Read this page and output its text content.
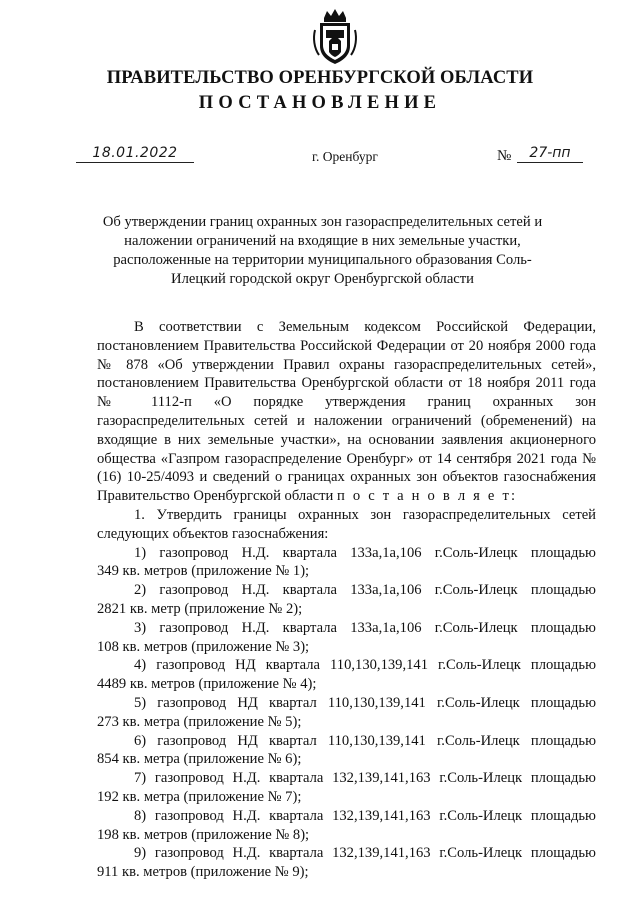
ПРАВИТЕЛЬСТВО ОРЕНБУРГСКОЙ ОБЛАСТИ
ПОСТАНОВЛЕНИЕ
18.01.2022	г. Оренбург	№	27-пп
Об утверждении границ охранных зон газораспределительных сетей и наложении ограничений на входящие в них земельные участки, расположенные на территории муниципального образования Соль-Илецкий городской округ Оренбургской области

В соответствии с Земельным кодексом Российской Федерации, постановлением Правительства Российской Федерации от 20 ноября 2000 года № 878 «Об утверждении Правил охраны газораспределительных сетей», постановлением Правительства Оренбургской области от 18 ноября 2011 года № 1112-п «О порядке утверждения границ охранных зон газораспределительных сетей и наложении ограничений (обременений) на входящие в них земельные участки», на основании заявления акционерного общества «Газпром газораспределение Оренбург» от 14 сентября 2021 года № (16) 10-25/4093 и сведений о границах охранных зон объектов газоснабжения Правительство Оренбургской области п о с т а н о в л я е т:

1. Утвердить границы охранных зон газораспределительных сетей следующих объектов газоснабжения:

1) газопровод Н.Д. квартала 133а,1а,106 г.Соль-Илецк площадью
349 кв. метров (приложение № 1);
2) газопровод Н.Д. квартала 133а,1а,106 г.Соль-Илецк площадью
2821 кв. метр (приложение № 2);
3) газопровод Н.Д. квартала 133а,1а,106 г.Соль-Илецк площадью
108 кв. метров (приложение № 3);
4) газопровод НД квартала 110,130,139,141 г.Соль-Илецк площадью
4489 кв. метров (приложение № 4);
5) газопровод НД квартал 110,130,139,141 г.Соль-Илецк площадью
273 кв. метра (приложение № 5);
6) газопровод НД квартал 110,130,139,141 г.Соль-Илецк площадью
854 кв. метра (приложение № 6);
7) газопровод Н.Д. квартала 132,139,141,163 г.Соль-Илецк площадью
192 кв. метра (приложение № 7);
8) газопровод Н.Д. квартала 132,139,141,163 г.Соль-Илецк площадью
198 кв. метров (приложение № 8);
9) газопровод Н.Д. квартала 132,139,141,163 г.Соль-Илецк площадью
911 кв. метров (приложение № 9);
